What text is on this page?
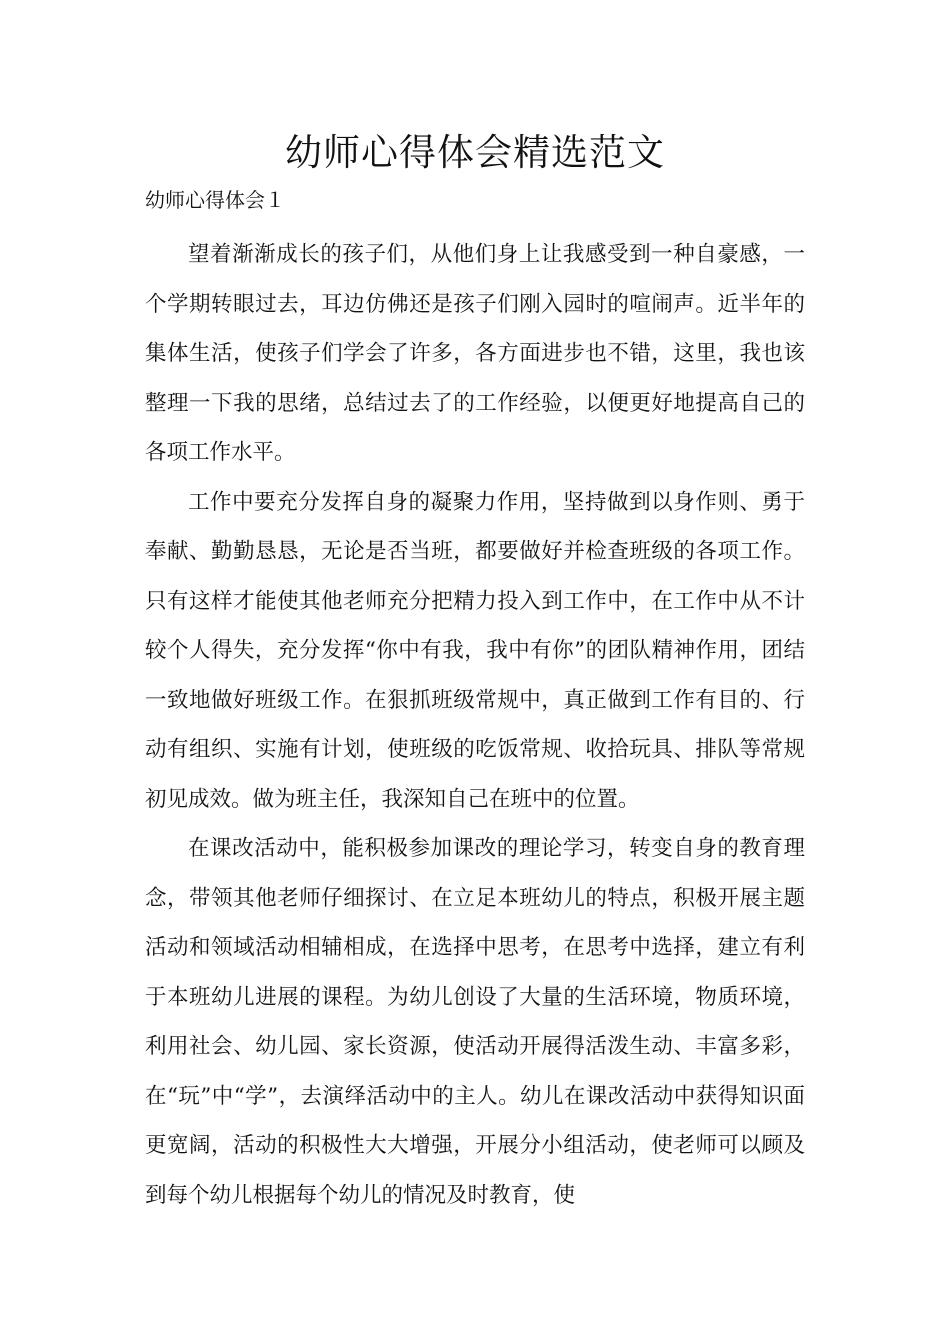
幼师心得体会精选范文
幼师心得体会１

望着渐渐成长的孩子们，从他们身上让我感受到一种自豪感，一个学期转眼过去，耳边仿佛还是孩子们刚入园时的喧闹声。近半年的集体生活，使孩子们学会了许多，各方面进步也不错，这里，我也该整理一下我的思绪，总结过去了的工作经验，以便更好地提高自己的各项工作水平。

工作中要充分发挥自身的凝聚力作用，坚持做到以身作则、勇于奉献、勤勤恳恳，无论是否当班，都要做好并检查班级的各项工作。只有这样才能使其他老师充分把精力投入到工作中，在工作中从不计较个人得失，充分发挥“你中有我，我中有你”的团队精神作用，团结一致地做好班级工作。在狠抓班级常规中，真正做到工作有目的、行动有组织、实施有计划，使班级的吃饭常规、收拾玩具、排队等常规初见成效。做为班主任，我深知自己在班中的位置。

在课改活动中，能积极参加课改的理论学习，转变自身的教育理念，带领其他老师仔细探讨、在立足本班幼儿的特点，积极开展主题活动和领域活动相辅相成，在选择中思考，在思考中选择，建立有利于本班幼儿进展的课程。为幼儿创设了大量的生活环境，物质环境，利用社会、幼儿园、家长资源，使活动开展得活泼生动、丰富多彩，在“玩”中“学”，去演绎活动中的主人。幼儿在课改活动中获得知识面更宽阔，活动的积极性大大增强，开展分小组活动，使老师可以顾及到每个幼儿根据每个幼儿的情况及时教育，使
